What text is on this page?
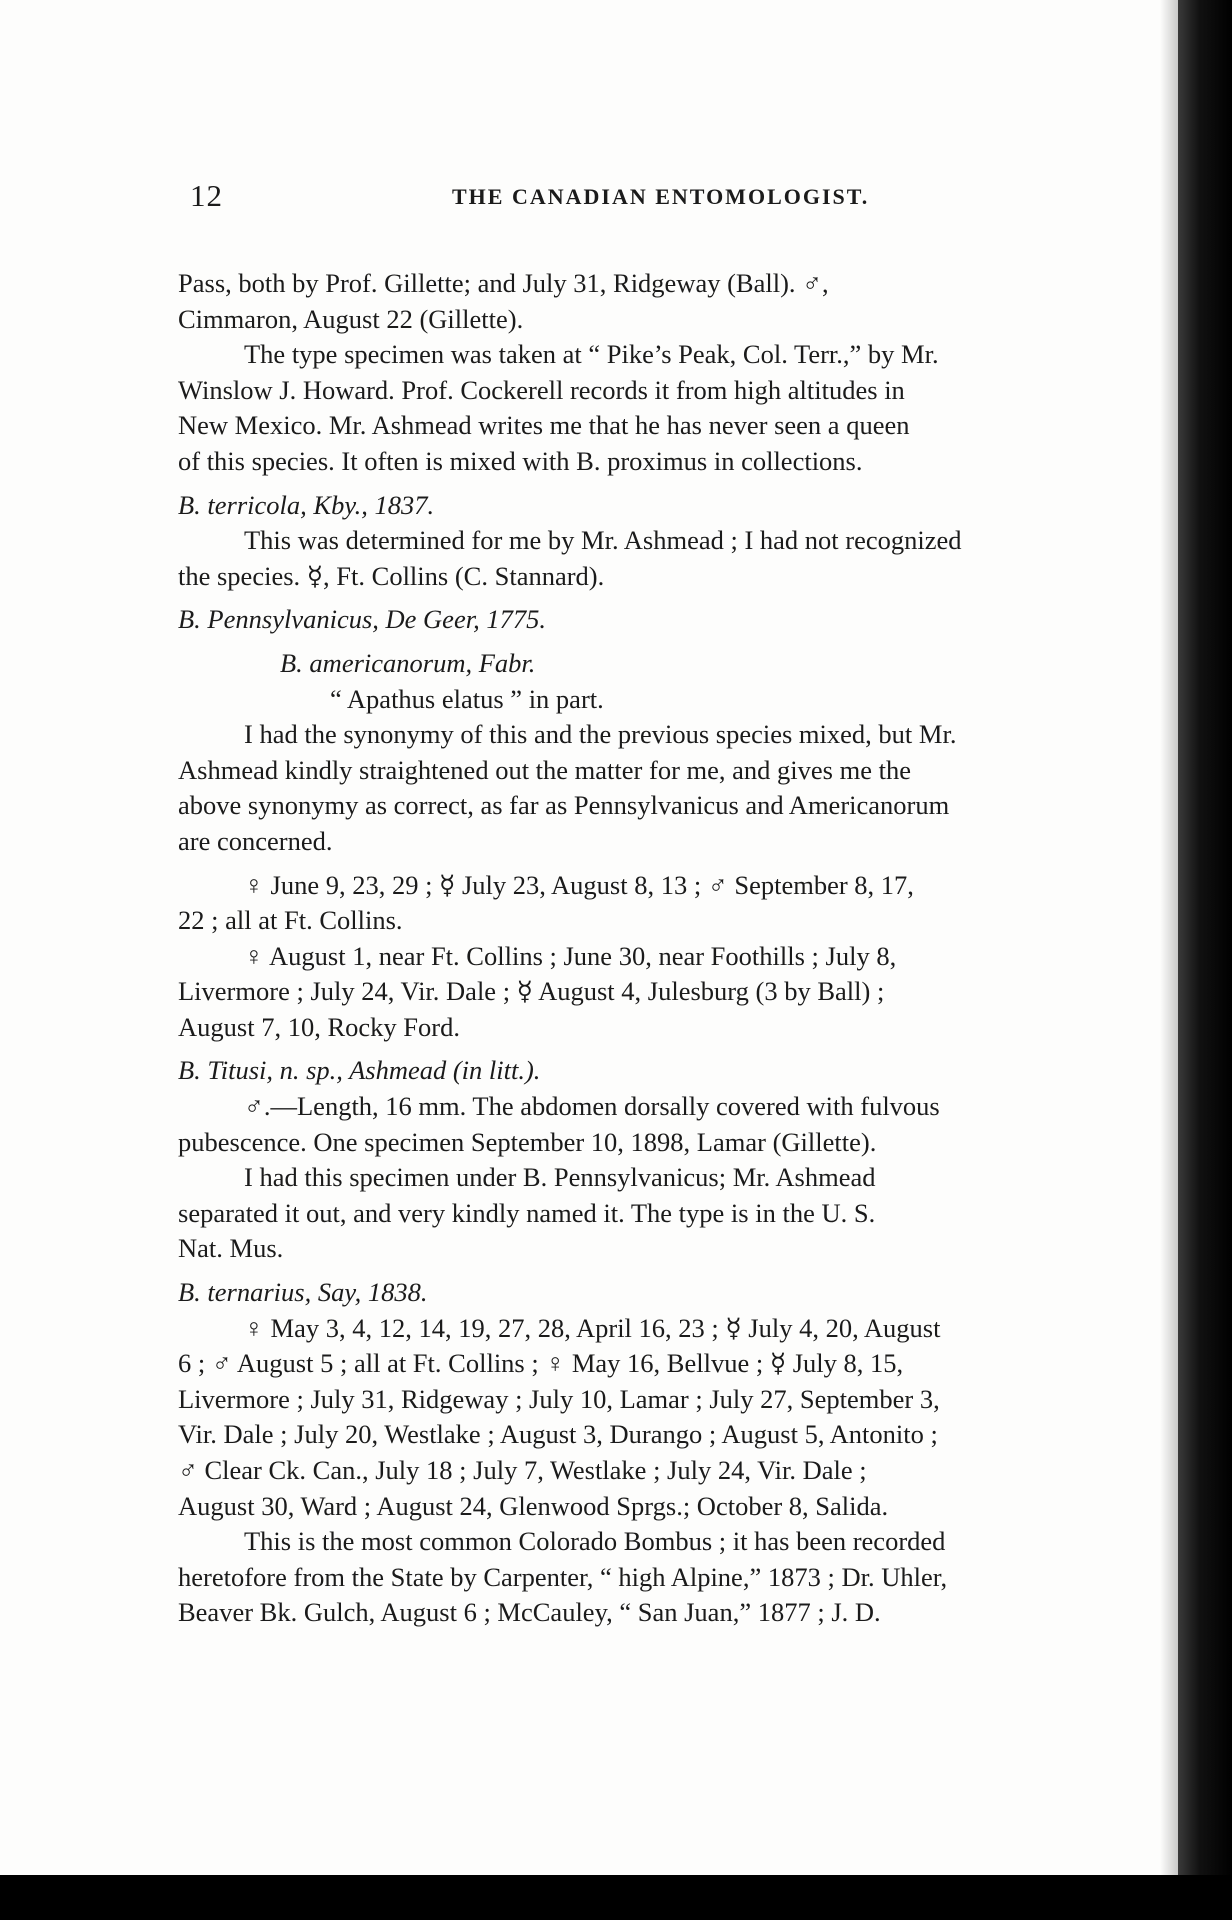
12	THE CANADIAN ENTOMOLOGIST.
Pass, both by Prof. Gillette; and July 31, Ridgeway (Ball). ♂,
Cimmaron, August 22 (Gillette).
The type specimen was taken at “ Pike’s Peak, Col. Terr.,” by Mr.
Winslow J. Howard. Prof. Cockerell records it from high altitudes in
New Mexico. Mr. Ashmead writes me that he has never seen a queen
of this species. It often is mixed with B. proximus in collections.
B. terricola, Kby., 1837.
This was determined for me by Mr. Ashmead ; I had not recognized
the species. ☿, Ft. Collins (C. Stannard).
B. Pennsylvanicus, De Geer, 1775.
B. americanorum, Fabr.
“ Apathus elatus ” in part.
I had the synonymy of this and the previous species mixed, but Mr.
Ashmead kindly straightened out the matter for me, and gives me the
above synonymy as correct, as far as Pennsylvanicus and Americanorum
are concerned.
♀ June 9, 23, 29 ; ☿ July 23, August 8, 13 ; ♂ September 8, 17,
22 ; all at Ft. Collins.
♀ August 1, near Ft. Collins ; June 30, near Foothills ; July 8,
Livermore ; July 24, Vir. Dale ; ☿ August 4, Julesburg (3 by Ball) ;
August 7, 10, Rocky Ford.
B. Titusi, n. sp., Ashmead (in litt.).
♂.—Length, 16 mm. The abdomen dorsally covered with fulvous
pubescence. One specimen September 10, 1898, Lamar (Gillette).
I had this specimen under B. Pennsylvanicus; Mr. Ashmead
separated it out, and very kindly named it. The type is in the U. S.
Nat. Mus.
B. ternarius, Say, 1838.
♀ May 3, 4, 12, 14, 19, 27, 28, April 16, 23 ; ☿ July 4, 20, August
6 ; ♂ August 5 ; all at Ft. Collins ; ♀ May 16, Bellvue ; ☿ July 8, 15,
Livermore ; July 31, Ridgeway ; July 10, Lamar ; July 27, September 3,
Vir. Dale ; July 20, Westlake ; August 3, Durango ; August 5, Antonito ;
♂ Clear Ck. Can., July 18 ; July 7, Westlake ; July 24, Vir. Dale ;
August 30, Ward ; August 24, Glenwood Sprgs.; October 8, Salida.
This is the most common Colorado Bombus ; it has been recorded
heretofore from the State by Carpenter, “ high Alpine,” 1873 ; Dr. Uhler,
Beaver Bk. Gulch, August 6 ; McCauley, “ San Juan,” 1877 ; J. D.
